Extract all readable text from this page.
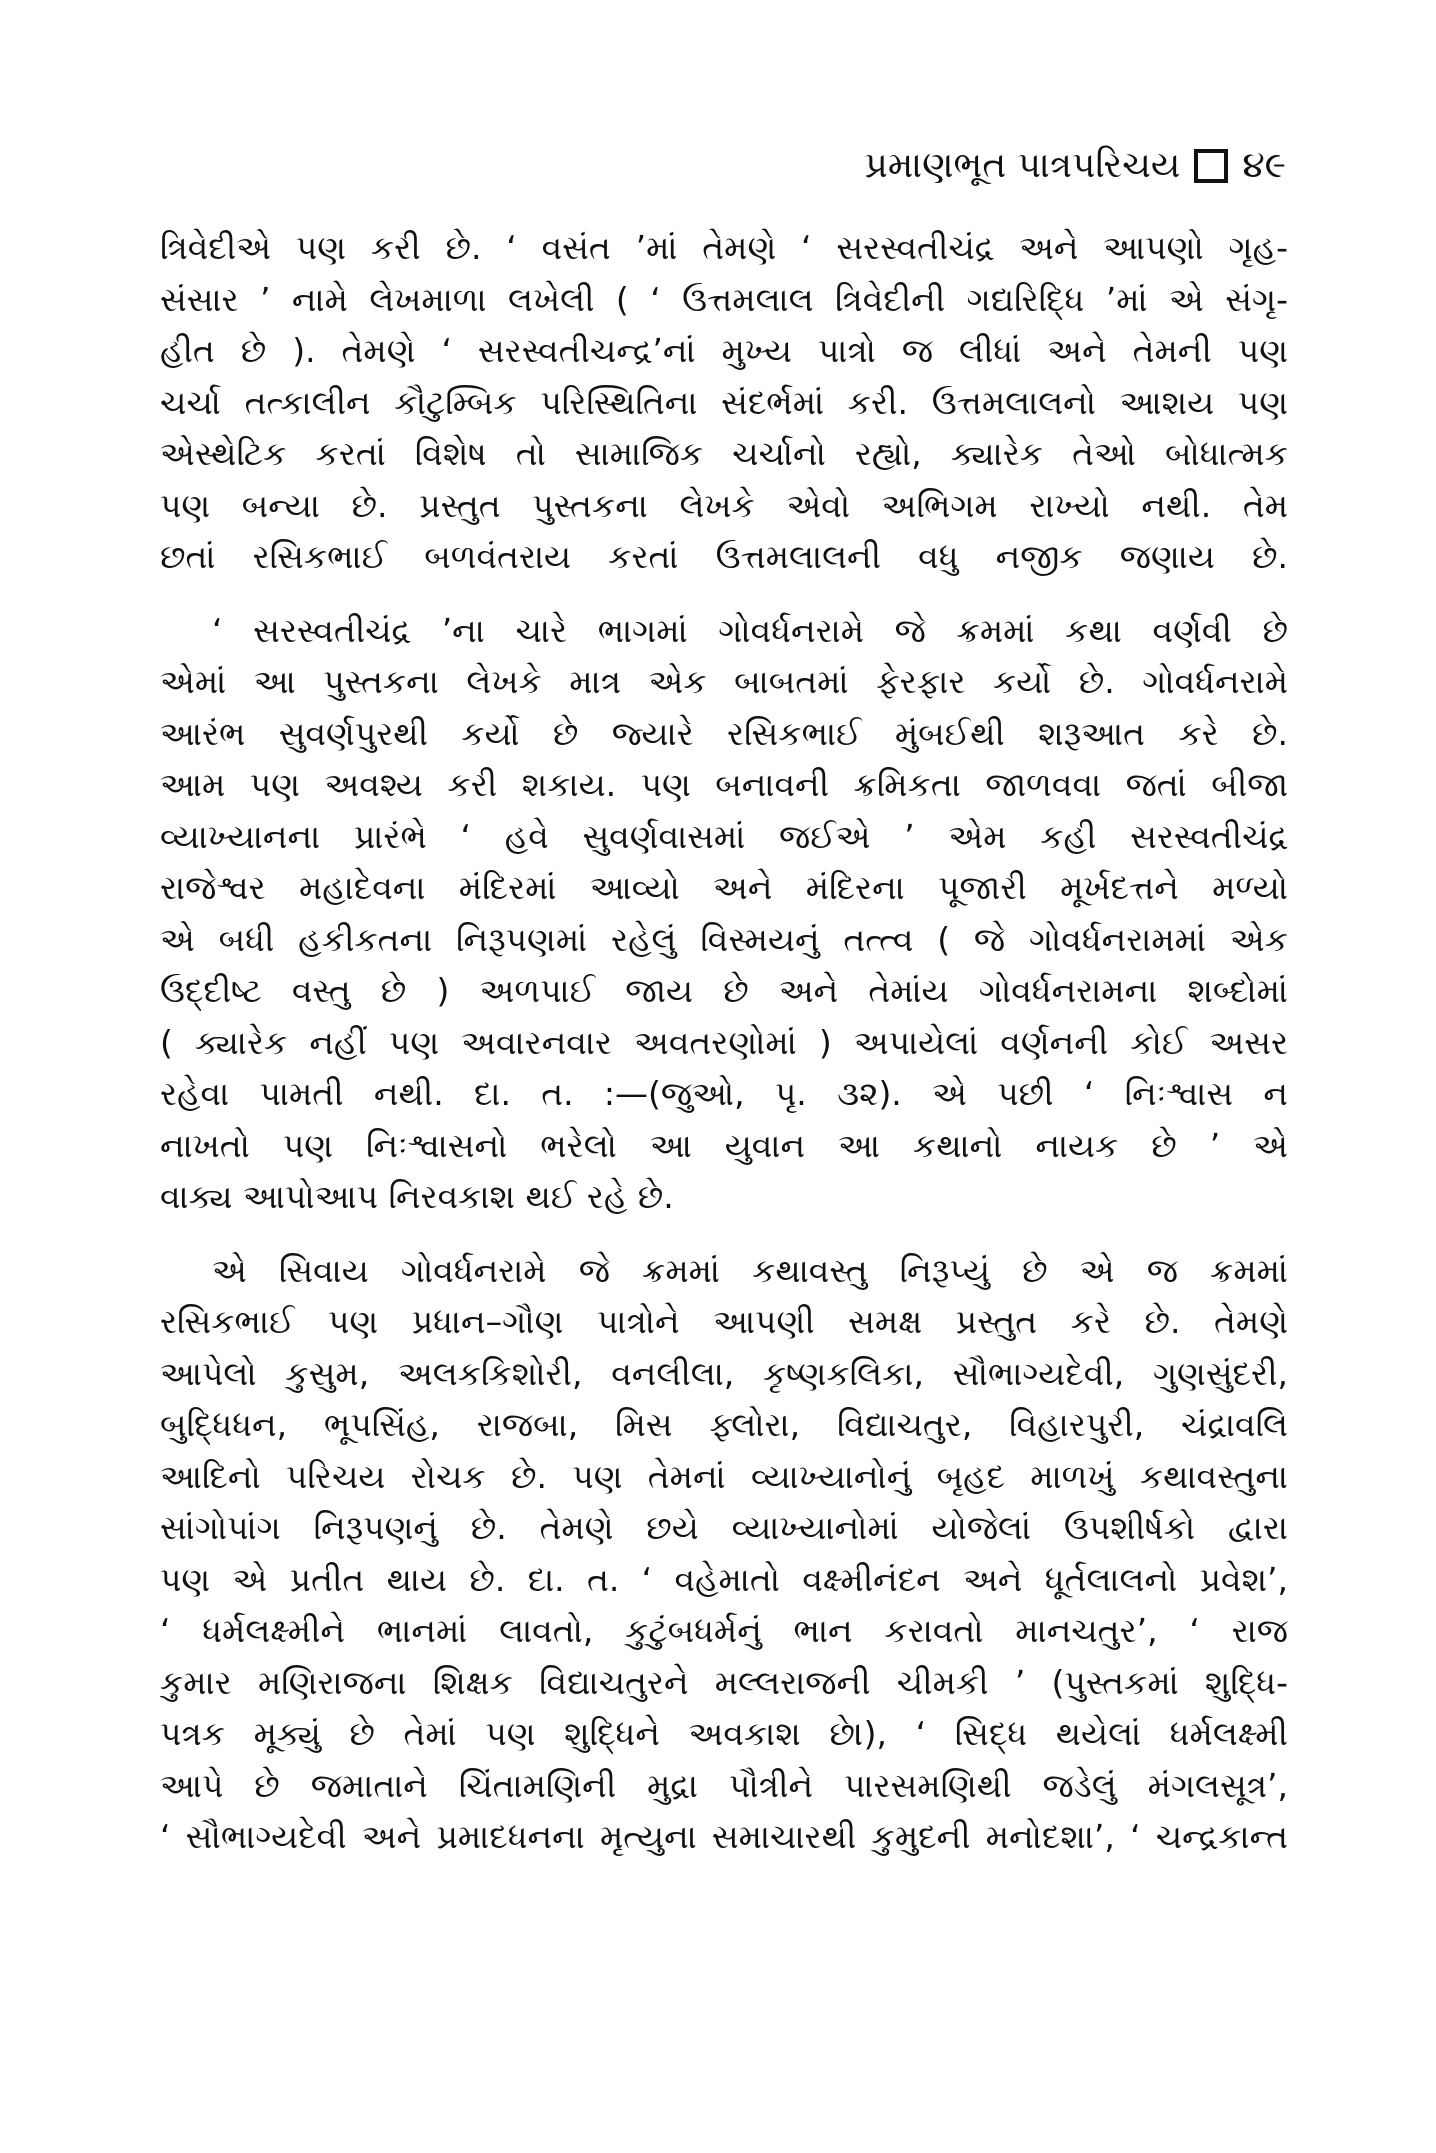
પ્રમાણભૂત પાત્રપરિચય ૪૯
ત્રિવેદીએ પણ કરી છે. ‘ વસંત ’માં તેમણે ‘ સરસ્વતીચંદ્ર અને આપણો ગૃહ-
સંસાર ’ નામે લેખમાળા લખેલી ( ‘ ઉત્તમલાલ ત્રિવેદીની ગદ્યરિદ્ધિ ’માં એ સંગૃ-
હીત છે ). તેમણે ‘ સરસ્વતીચન્દ્ર’નાં મુખ્ય પાત્રો જ લીધાં અને તેમની પણ
ચર્ચા તત્કાલીન કૌટુમ્બિક પરિસ્થિતિના સંદર્ભમાં કરી. ઉત્તમલાલનો આશય પણ
એસ્થેટિક કરતાં વિશેષ તો સામાજિક ચર્ચાનો રહ્યો, ક્યારેક તેઓ બોધાત્મક
પણ બન્યા છે. પ્રસ્તુત પુસ્તકના લેખકે એવો અભિગમ રાખ્યો નથી. તેમ
છતાં રસિકભાઈ બળવંતરાય કરતાં ઉત્તમલાલની વધુ નજીક જણાય છે.
‘ સરસ્વતીચંદ્ર ’ના ચારે ભાગમાં ગોવર્ધનરામે જે ક્રમમાં કથા વર્ણવી છે
એમાં આ પુસ્તકના લેખકે માત્ર એક બાબતમાં ફેરફાર કર્યો છે. ગોવર્ધનરામે
આરંભ સુવર્ણપુરથી કર્યો છે જ્યારે રસિકભાઈ મુંબઈથી શરૂઆત કરે છે.
આમ પણ અવશ્ય કરી શકાય. પણ બનાવની ક્રમિકતા જાળવવા જતાં બીજા
વ્યાખ્યાનના પ્રારંભે ‘ હવે સુવર્ણવાસમાં જઈએ ’ એમ કહી સરસ્વતીચંદ્ર
રાજેશ્વર મહાદેવના મંદિરમાં આવ્યો અને મંદિરના પૂજારી મૂર્ખદત્તને મળ્યો
એ બધી હકીકતના નિરૂપણમાં રહેલું વિસ્મયનું તત્ત્વ ( જે ગોવર્ધનરામમાં એક
ઉદ્દીષ્ટ વસ્તુ છે ) અળપાઈ જાય છે અને તેમાંય ગોવર્ધનરામના શબ્દોમાં
( ક્યારેક નહીં પણ અવારનવાર અવતરણોમાં ) અપાયેલાં વર્ણનની કોઈ અસર
રહેવા પામતી નથી. દા. ત. :—(જુઓ, પૃ. ૩૨). એ પછી ‘ નિઃશ્વાસ ન
નાખતો પણ નિઃશ્વાસનો ભરેલો આ યુવાન આ કથાનો નાયક છે ’ એ
વાક્ય આપોઆપ નિરવકાશ થઈ રહે છે.
એ સિવાય ગોવર્ધનરામે જે ક્રમમાં કથાવસ્તુ નિરૂપ્યું છે એ જ ક્રમમાં
રસિકભાઈ પણ પ્રધાન–ગૌણ પાત્રોને આપણી સમક્ષ પ્રસ્તુત કરે છે. તેમણે
આપેલો કુસુમ, અલકકિશોરી, વનલીલા, કૃષ્ણકલિકા, સૌભાગ્યદેવી, ગુણસુંદરી,
બુદ્ધિધન, ભૂપસિંહ, રાજબા, મિસ ફ્લોરા, વિદ્યાચતુર, વિહારપુરી, ચંદ્રાવલિ
આદિનો પરિચય રોચક છે. પણ તેમનાં વ્યાખ્યાનોનું બૃહદ માળખું કથાવસ્તુના
સાંગોપાંગ નિરૂપણનું છે. તેમણે છયે વ્યાખ્યાનોમાં યોજેલાં ઉપશીર્ષકો દ્વારા
પણ એ પ્રતીત થાય છે. દા. ત. ‘ વહેમાતો વક્ષ્મીનંદન અને ધૂર્તલાલનો પ્રવેશ’,
‘ ધર્મલક્ષ્મીને ભાનમાં લાવતો, કુટુંબધર્મનું ભાન કરાવતો માનચતુર’, ‘ રાજ
કુમાર મણિરાજના શિક્ષક વિદ્યાચતુરને મલ્લરાજની ચીમકી ’ (પુસ્તકમાં શુદ્ધિ-
પત્રક મૂક્યું છે તેમાં પણ શુદ્ધિને અવકાશ છે।), ‘ સિદ્ધ થયેલાં ધર્મલક્ષ્મી
આપે છે જમાતાને ચિંતામણિની મુદ્રા પૌત્રીને પારસમણિથી જડેલું મંગલસૂત્ર’,
‘ સૌભાગ્યદેવી અને પ્રમાદધનના મૃત્યુના સમાચારથી કુમુદની મનોદશા’, ‘ ચન્દ્રકાન્ત
